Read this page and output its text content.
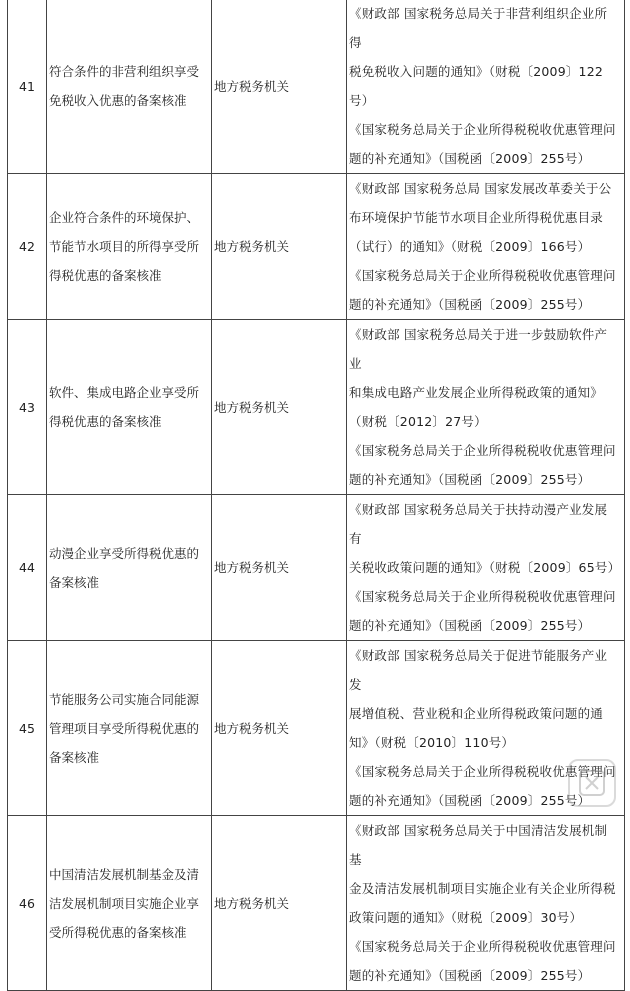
41	符合条件的非营利组织享受
免税收入优惠的备案核准	地方税务机关	《财政部 国家税务总局关于非营利组织企业所得
税免税收入问题的通知》（财税〔2009〕122号）
《国家税务总局关于企业所得税税收优惠管理问
题的补充通知》（国税函〔2009〕255号）

42	企业符合条件的环境保护、
节能节水项目的所得享受所
得税优惠的备案核准	地方税务机关	《财政部 国家税务总局 国家发展改革委关于公
布环境保护节能节水项目企业所得税优惠目录
（试行）的通知》（财税〔2009〕166号）
《国家税务总局关于企业所得税税收优惠管理问
题的补充通知》（国税函〔2009〕255号）

43	软件、集成电路企业享受所
得税优惠的备案核准	地方税务机关	《财政部 国家税务总局关于进一步鼓励软件产业
和集成电路产业发展企业所得税政策的通知》
（财税〔2012〕27号）
《国家税务总局关于企业所得税税收优惠管理问
题的补充通知》（国税函〔2009〕255号）

44	动漫企业享受所得税优惠的
备案核准	地方税务机关	《财政部 国家税务总局关于扶持动漫产业发展有
关税收政策问题的通知》（财税〔2009〕65号）
《国家税务总局关于企业所得税税收优惠管理问
题的补充通知》（国税函〔2009〕255号）

45	节能服务公司实施合同能源
管理项目享受所得税优惠的
备案核准	地方税务机关	《财政部 国家税务总局关于促进节能服务产业发
展增值税、营业税和企业所得税政策问题的通
知》（财税〔2010〕110号）
《国家税务总局关于企业所得税税收优惠管理问
题的补充通知》（国税函〔2009〕255号）

46	中国清洁发展机制基金及清
洁发展机制项目实施企业享
受所得税优惠的备案核准	地方税务机关	《财政部 国家税务总局关于中国清洁发展机制基
金及清洁发展机制项目实施企业有关企业所得税
政策问题的通知》（财税〔2009〕30号）
《国家税务总局关于企业所得税税收优惠管理问
题的补充通知》（国税函〔2009〕255号）
